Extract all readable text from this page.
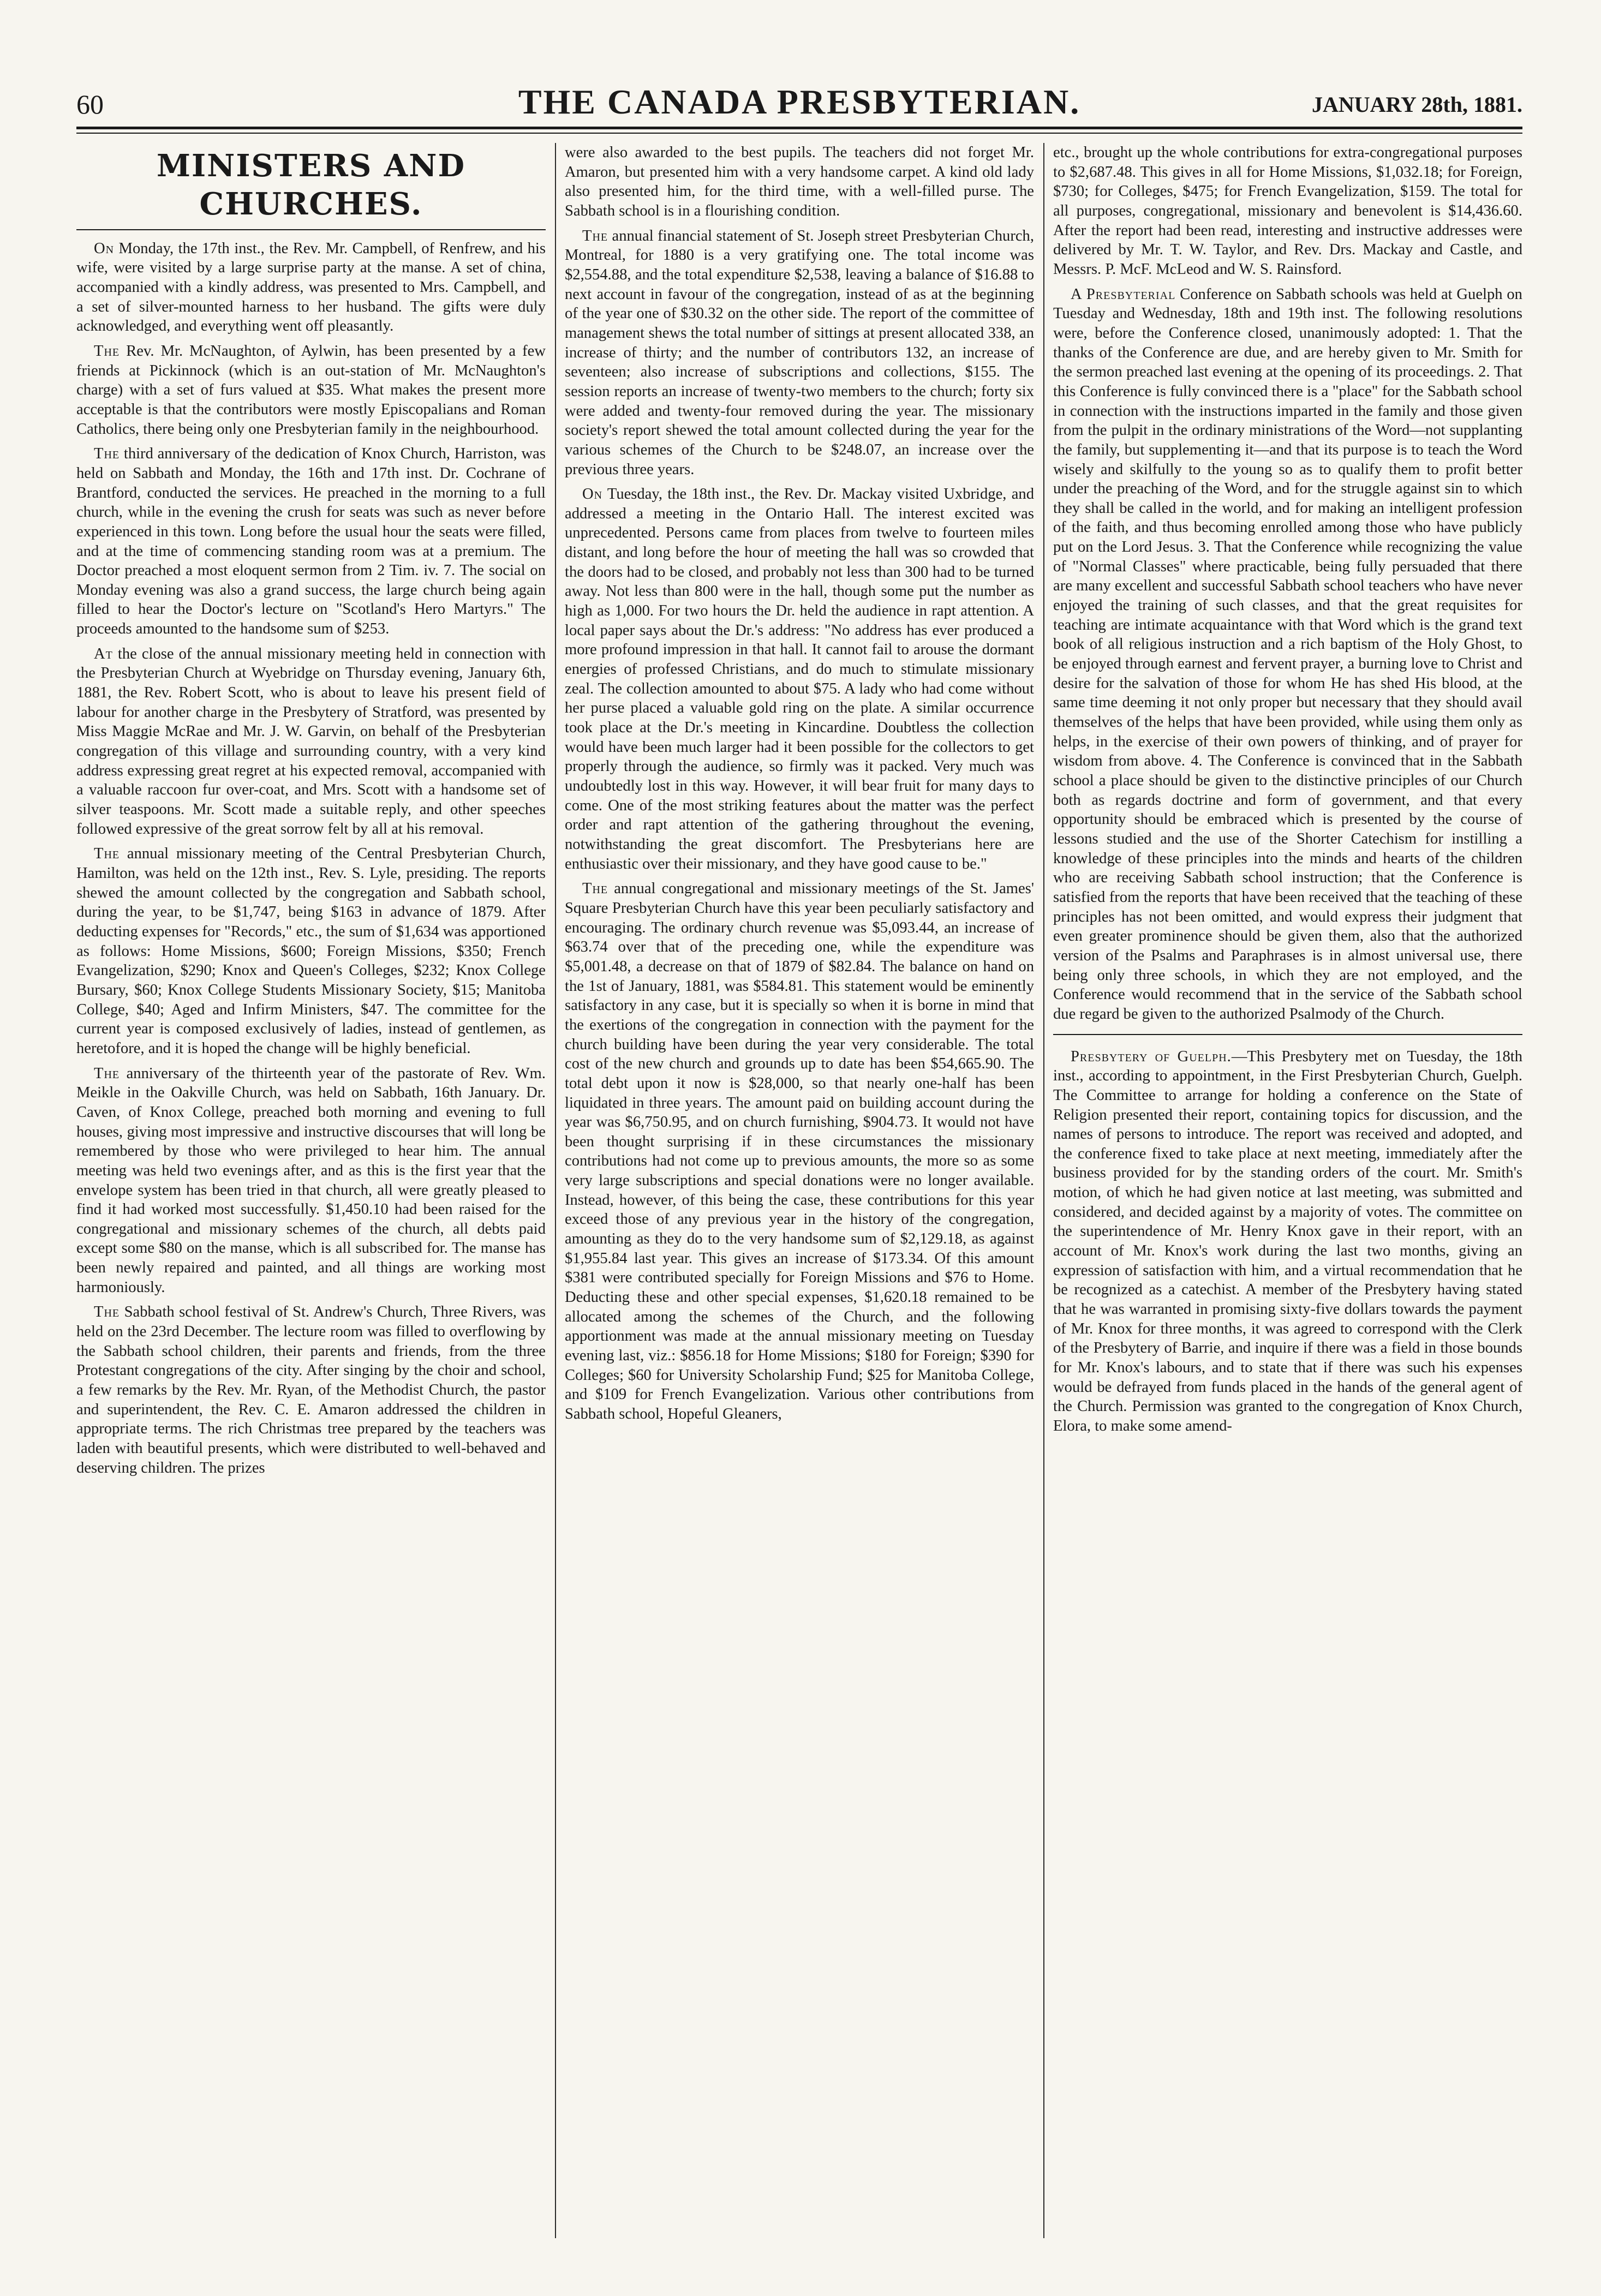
60	THE CANADA PRESBYTERIAN.	JANUARY 28th, 1881.
MINISTERS AND CHURCHES.

On Monday, the 17th inst., the Rev. Mr. Campbell, of Renfrew, and his wife, were visited by a large surprise party at the manse. A set of china, accompanied with a kindly address, was presented to Mrs. Campbell, and a set of silver-mounted harness to her husband. The gifts were duly acknowledged, and everything went off pleasantly.

The Rev. Mr. McNaughton, of Aylwin, has been presented by a few friends at Pickinnock (which is an out-station of Mr. McNaughton's charge) with a set of furs valued at $35. What makes the present more acceptable is that the contributors were mostly Episcopalians and Roman Catholics, there being only one Presbyterian family in the neighbourhood.

The third anniversary of the dedication of Knox Church, Harriston, was held on Sabbath and Monday, the 16th and 17th inst. Dr. Cochrane of Brantford, conducted the services. He preached in the morning to a full church, while in the evening the crush for seats was such as never before experienced in this town. Long before the usual hour the seats were filled, and at the time of commencing standing room was at a premium. The Doctor preached a most eloquent sermon from 2 Tim. iv. 7. The social on Monday evening was also a grand success, the large church being again filled to hear the Doctor's lecture on "Scotland's Hero Martyrs." The proceeds amounted to the handsome sum of $253.

At the close of the annual missionary meeting held in connection with the Presbyterian Church at Wyebridge on Thursday evening, January 6th, 1881, the Rev. Robert Scott, who is about to leave his present field of labour for another charge in the Presbytery of Stratford, was presented by Miss Maggie McRae and Mr. J. W. Garvin, on behalf of the Presbyterian congregation of this village and surrounding country, with a very kind address expressing great regret at his expected removal, accompanied with a valuable raccoon fur over-coat, and Mrs. Scott with a handsome set of silver teaspoons. Mr. Scott made a suitable reply, and other speeches followed expressive of the great sorrow felt by all at his removal.

The annual missionary meeting of the Central Presbyterian Church, Hamilton, was held on the 12th inst., Rev. S. Lyle, presiding. The reports shewed the amount collected by the congregation and Sabbath school, during the year, to be $1,747, being $163 in advance of 1879. After deducting expenses for "Records," etc., the sum of $1,634 was apportioned as follows: Home Missions, $600; Foreign Missions, $350; French Evangelization, $290; Knox and Queen's Colleges, $232; Knox College Bursary, $60; Knox College Students Missionary Society, $15; Manitoba College, $40; Aged and Infirm Ministers, $47. The committee for the current year is composed exclusively of ladies, instead of gentlemen, as heretofore, and it is hoped the change will be highly beneficial.

The anniversary of the thirteenth year of the pastorate of Rev. Wm. Meikle in the Oakville Church, was held on Sabbath, 16th January. Dr. Caven, of Knox College, preached both morning and evening to full houses, giving most impressive and instructive discourses that will long be remembered by those who were privileged to hear him. The annual meeting was held two evenings after, and as this is the first year that the envelope system has been tried in that church, all were greatly pleased to find it had worked most successfully. $1,450.10 had been raised for the congregational and missionary schemes of the church, all debts paid except some $80 on the manse, which is all subscribed for. The manse has been newly repaired and painted, and all things are working most harmoniously.

The Sabbath school festival of St. Andrew's Church, Three Rivers, was held on the 23rd December. The lecture room was filled to overflowing by the Sabbath school children, their parents and friends, from the three Protestant congregations of the city. After singing by the choir and school, a few remarks by the Rev. Mr. Ryan, of the Methodist Church, the pastor and superintendent, the Rev. C. E. Amaron addressed the children in appropriate terms. The rich Christmas tree prepared by the teachers was laden with beautiful presents, which were distributed to well-behaved and deserving children. The prizes

were also awarded to the best pupils. The teachers did not forget Mr. Amaron, but presented him with a very handsome carpet. A kind old lady also presented him, for the third time, with a well-filled purse. The Sabbath school is in a flourishing condition.

The annual financial statement of St. Joseph street Presbyterian Church, Montreal, for 1880 is a very gratifying one. The total income was $2,554.88, and the total expenditure $2,538, leaving a balance of $16.88 to next account in favour of the congregation, instead of as at the beginning of the year one of $30.32 on the other side. The report of the committee of management shews the total number of sittings at present allocated 338, an increase of thirty; and the number of contributors 132, an increase of seventeen; also increase of subscriptions and collections, $155. The session reports an increase of twenty-two members to the church; forty six were added and twenty-four removed during the year. The missionary society's report shewed the total amount collected during the year for the various schemes of the Church to be $248.07, an increase over the previous three years.

On Tuesday, the 18th inst., the Rev. Dr. Mackay visited Uxbridge, and addressed a meeting in the Ontario Hall. The interest excited was unprecedented. Persons came from places from twelve to fourteen miles distant, and long before the hour of meeting the hall was so crowded that the doors had to be closed, and probably not less than 300 had to be turned away. Not less than 800 were in the hall, though some put the number as high as 1,000. For two hours the Dr. held the audience in rapt attention. A local paper says about the Dr.'s address: "No address has ever produced a more profound impression in that hall. It cannot fail to arouse the dormant energies of professed Christians, and do much to stimulate missionary zeal. The collection amounted to about $75. A lady who had come without her purse placed a valuable gold ring on the plate. A similar occurrence took place at the Dr.'s meeting in Kincardine. Doubtless the collection would have been much larger had it been possible for the collectors to get properly through the audience, so firmly was it packed. Very much was undoubtedly lost in this way. However, it will bear fruit for many days to come. One of the most striking features about the matter was the perfect order and rapt attention of the gathering throughout the evening, notwithstanding the great discomfort. The Presbyterians here are enthusiastic over their missionary, and they have good cause to be."

The annual congregational and missionary meetings of the St. James' Square Presbyterian Church have this year been peculiarly satisfactory and encouraging. The ordinary church revenue was $5,093.44, an increase of $63.74 over that of the preceding one, while the expenditure was $5,001.48, a decrease on that of 1879 of $82.84. The balance on hand on the 1st of January, 1881, was $584.81. This statement would be eminently satisfactory in any case, but it is specially so when it is borne in mind that the exertions of the congregation in connection with the payment for the church building have been during the year very considerable. The total cost of the new church and grounds up to date has been $54,665.90. The total debt upon it now is $28,000, so that nearly one-half has been liquidated in three years. The amount paid on building account during the year was $6,750.95, and on church furnishing, $904.73. It would not have been thought surprising if in these circumstances the missionary contributions had not come up to previous amounts, the more so as some very large subscriptions and special donations were no longer available. Instead, however, of this being the case, these contributions for this year exceed those of any previous year in the history of the congregation, amounting as they do to the very handsome sum of $2,129.18, as against $1,955.84 last year. This gives an increase of $173.34. Of this amount $381 were contributed specially for Foreign Missions and $76 to Home. Deducting these and other special expenses, $1,620.18 remained to be allocated among the schemes of the Church, and the following apportionment was made at the annual missionary meeting on Tuesday evening last, viz.: $856.18 for Home Missions; $180 for Foreign; $390 for Colleges; $60 for University Scholarship Fund; $25 for Manitoba College, and $109 for French Evangelization. Various other contributions from Sabbath school, Hopeful Gleaners,

etc., brought up the whole contributions for extra-congregational purposes to $2,687.48. This gives in all for Home Missions, $1,032.18; for Foreign, $730; for Colleges, $475; for French Evangelization, $159. The total for all purposes, congregational, missionary and benevolent is $14,436.60. After the report had been read, interesting and instructive addresses were delivered by Mr. T. W. Taylor, and Rev. Drs. Mackay and Castle, and Messrs. P. McF. McLeod and W. S. Rainsford.

A Presbyterial Conference on Sabbath schools was held at Guelph on Tuesday and Wednesday, 18th and 19th inst. The following resolutions were, before the Conference closed, unanimously adopted: 1. That the thanks of the Conference are due, and are hereby given to Mr. Smith for the sermon preached last evening at the opening of its proceedings. 2. That this Conference is fully convinced there is a "place" for the Sabbath school in connection with the instructions imparted in the family and those given from the pulpit in the ordinary ministrations of the Word—not supplanting the family, but supplementing it—and that its purpose is to teach the Word wisely and skilfully to the young so as to qualify them to profit better under the preaching of the Word, and for the struggle against sin to which they shall be called in the world, and for making an intelligent profession of the faith, and thus becoming enrolled among those who have publicly put on the Lord Jesus. 3. That the Conference while recognizing the value of "Normal Classes" where practicable, being fully persuaded that there are many excellent and successful Sabbath school teachers who have never enjoyed the training of such classes, and that the great requisites for teaching are intimate acquaintance with that Word which is the grand text book of all religious instruction and a rich baptism of the Holy Ghost, to be enjoyed through earnest and fervent prayer, a burning love to Christ and desire for the salvation of those for whom He has shed His blood, at the same time deeming it not only proper but necessary that they should avail themselves of the helps that have been provided, while using them only as helps, in the exercise of their own powers of thinking, and of prayer for wisdom from above. 4. The Conference is convinced that in the Sabbath school a place should be given to the distinctive principles of our Church both as regards doctrine and form of government, and that every opportunity should be embraced which is presented by the course of lessons studied and the use of the Shorter Catechism for instilling a knowledge of these principles into the minds and hearts of the children who are receiving Sabbath school instruction; that the Conference is satisfied from the reports that have been received that the teaching of these principles has not been omitted, and would express their judgment that even greater prominence should be given them, also that the authorized version of the Psalms and Paraphrases is in almost universal use, there being only three schools, in which they are not employed, and the Conference would recommend that in the service of the Sabbath school due regard be given to the authorized Psalmody of the Church.

Presbytery of Guelph.—This Presbytery met on Tuesday, the 18th inst., according to appointment, in the First Presbyterian Church, Guelph. The Committee to arrange for holding a conference on the State of Religion presented their report, containing topics for discussion, and the names of persons to introduce. The report was received and adopted, and the conference fixed to take place at next meeting, immediately after the business provided for by the standing orders of the court. Mr. Smith's motion, of which he had given notice at last meeting, was submitted and considered, and decided against by a majority of votes. The committee on the superintendence of Mr. Henry Knox gave in their report, with an account of Mr. Knox's work during the last two months, giving an expression of satisfaction with him, and a virtual recommendation that he be recognized as a catechist. A member of the Presbytery having stated that he was warranted in promising sixty-five dollars towards the payment of Mr. Knox for three months, it was agreed to correspond with the Clerk of the Presbytery of Barrie, and inquire if there was a field in those bounds for Mr. Knox's labours, and to state that if there was such his expenses would be defrayed from funds placed in the hands of the general agent of the Church. Permission was granted to the congregation of Knox Church, Elora, to make some amend-
